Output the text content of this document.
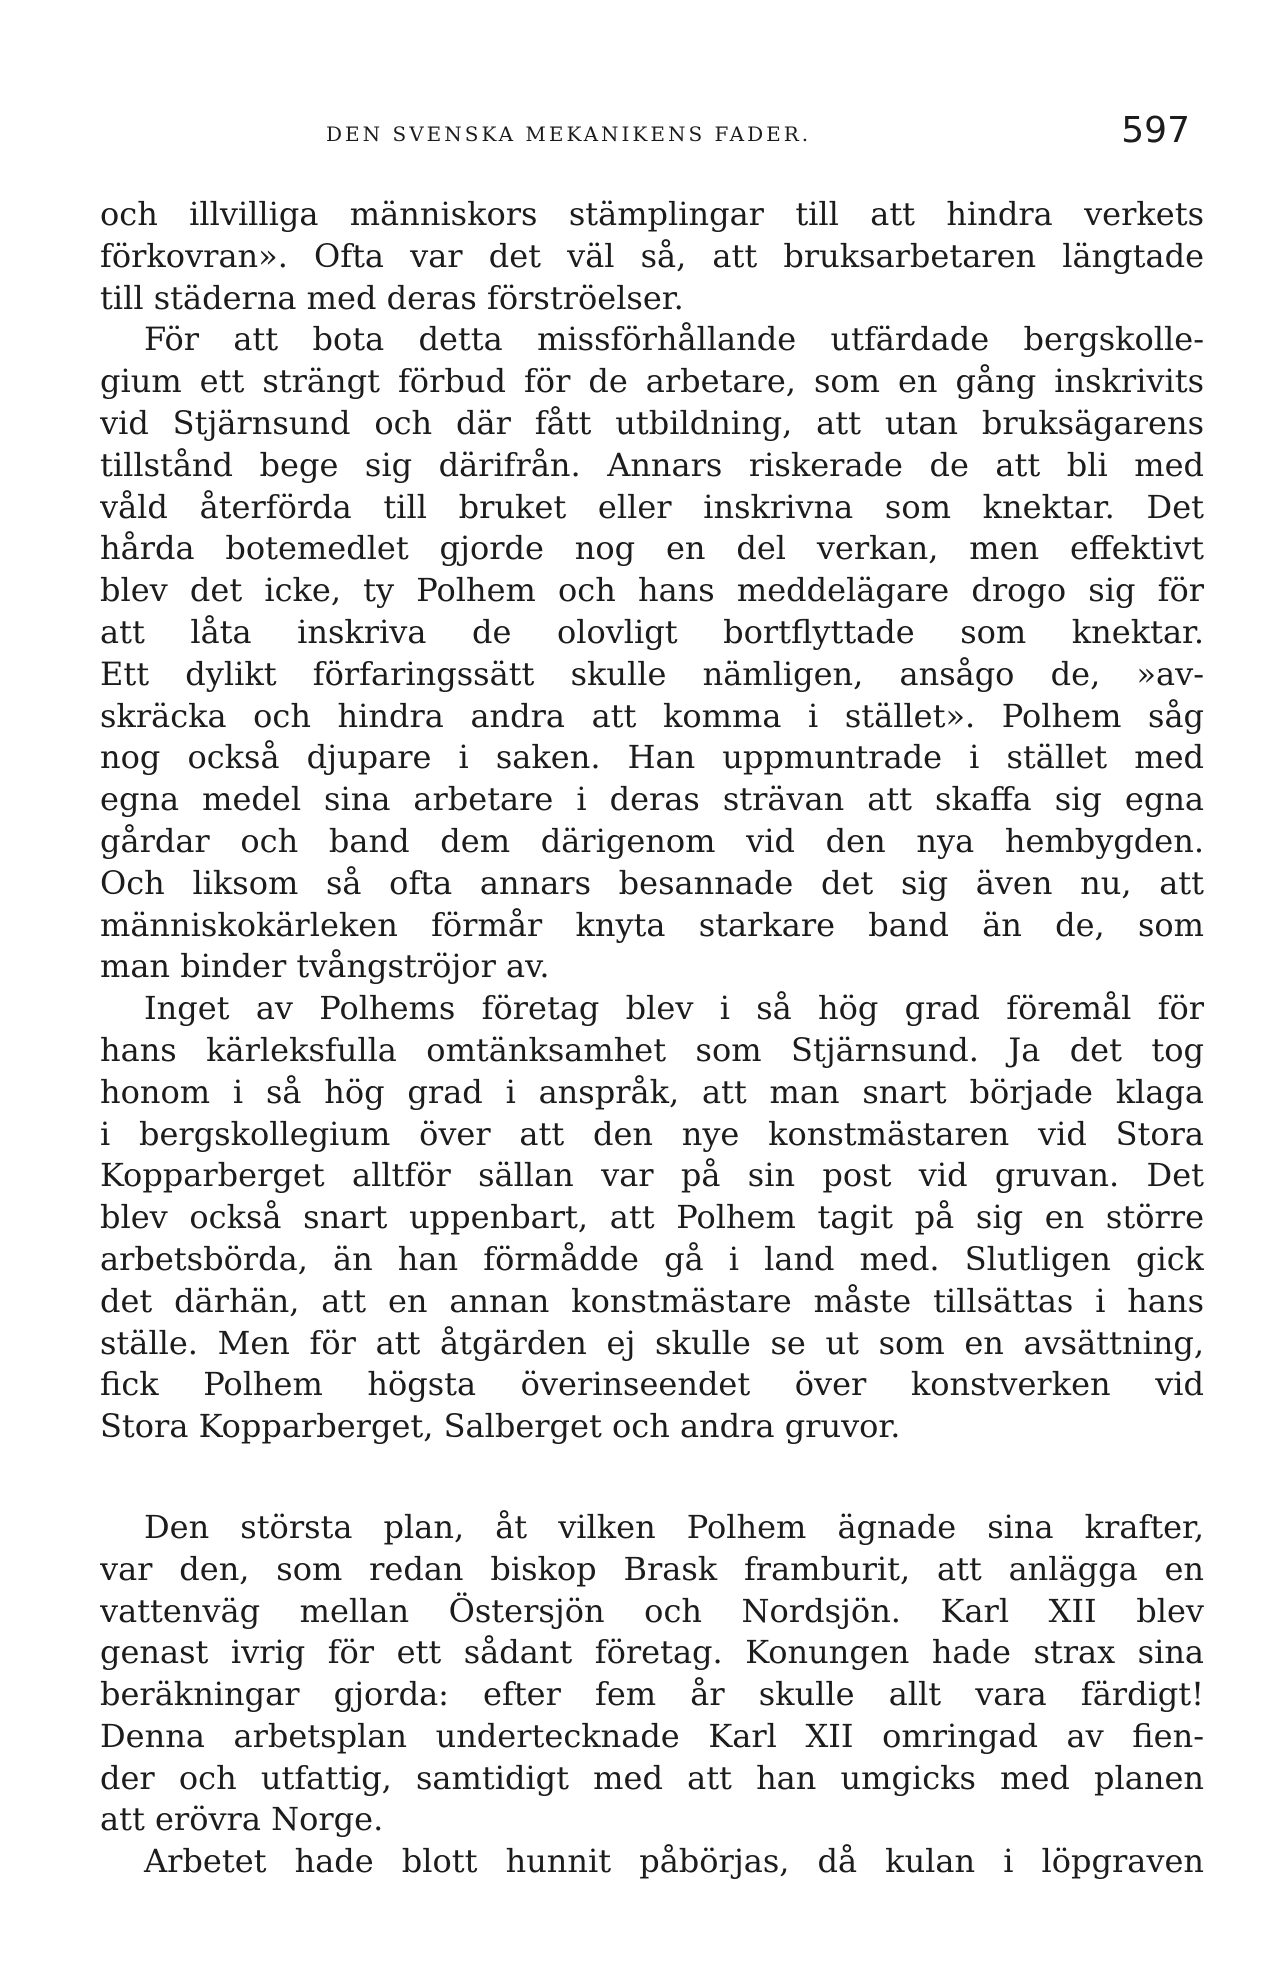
DEN SVENSKA MEKANIKENS FADER.	597
och illvilliga människors stämplingar till att hindra verkets
förkovran». Ofta var det väl så, att bruksarbetaren längtade
till städerna med deras förströelser.
För att bota detta missförhållande utfärdade bergskolle-
gium ett strängt förbud för de arbetare, som en gång inskrivits
vid Stjärnsund och där fått utbildning, att utan bruksägarens
tillstånd bege sig därifrån. Annars riskerade de att bli med
våld återförda till bruket eller inskrivna som knektar. Det
hårda botemedlet gjorde nog en del verkan, men effektivt
blev det icke, ty Polhem och hans meddelägare drogo sig för
att låta inskriva de olovligt bortflyttade som knektar.
Ett dylikt förfaringssätt skulle nämligen, ansågo de, »av-
skräcka och hindra andra att komma i stället». Polhem såg
nog också djupare i saken. Han uppmuntrade i stället med
egna medel sina arbetare i deras strävan att skaffa sig egna
gårdar och band dem därigenom vid den nya hembygden.
Och liksom så ofta annars besannade det sig även nu, att
människokärleken förmår knyta starkare band än de, som
man binder tvångströjor av.
Inget av Polhems företag blev i så hög grad föremål för
hans kärleksfulla omtänksamhet som Stjärnsund. Ja det tog
honom i så hög grad i anspråk, att man snart började klaga
i bergskollegium över att den nye konstmästaren vid Stora
Kopparberget alltför sällan var på sin post vid gruvan. Det
blev också snart uppenbart, att Polhem tagit på sig en större
arbetsbörda, än han förmådde gå i land med. Slutligen gick
det därhän, att en annan konstmästare måste tillsättas i hans
ställe. Men för att åtgärden ej skulle se ut som en avsättning,
fick Polhem högsta överinseendet över konstverken vid
Stora Kopparberget, Salberget och andra gruvor.
Den största plan, åt vilken Polhem ägnade sina krafter,
var den, som redan biskop Brask framburit, att anlägga en
vattenväg mellan Östersjön och Nordsjön. Karl XII blev
genast ivrig för ett sådant företag. Konungen hade strax sina
beräkningar gjorda: efter fem år skulle allt vara färdigt!
Denna arbetsplan undertecknade Karl XII omringad av fien-
der och utfattig, samtidigt med att han umgicks med planen
att erövra Norge.
Arbetet hade blott hunnit påbörjas, då kulan i löpgraven
